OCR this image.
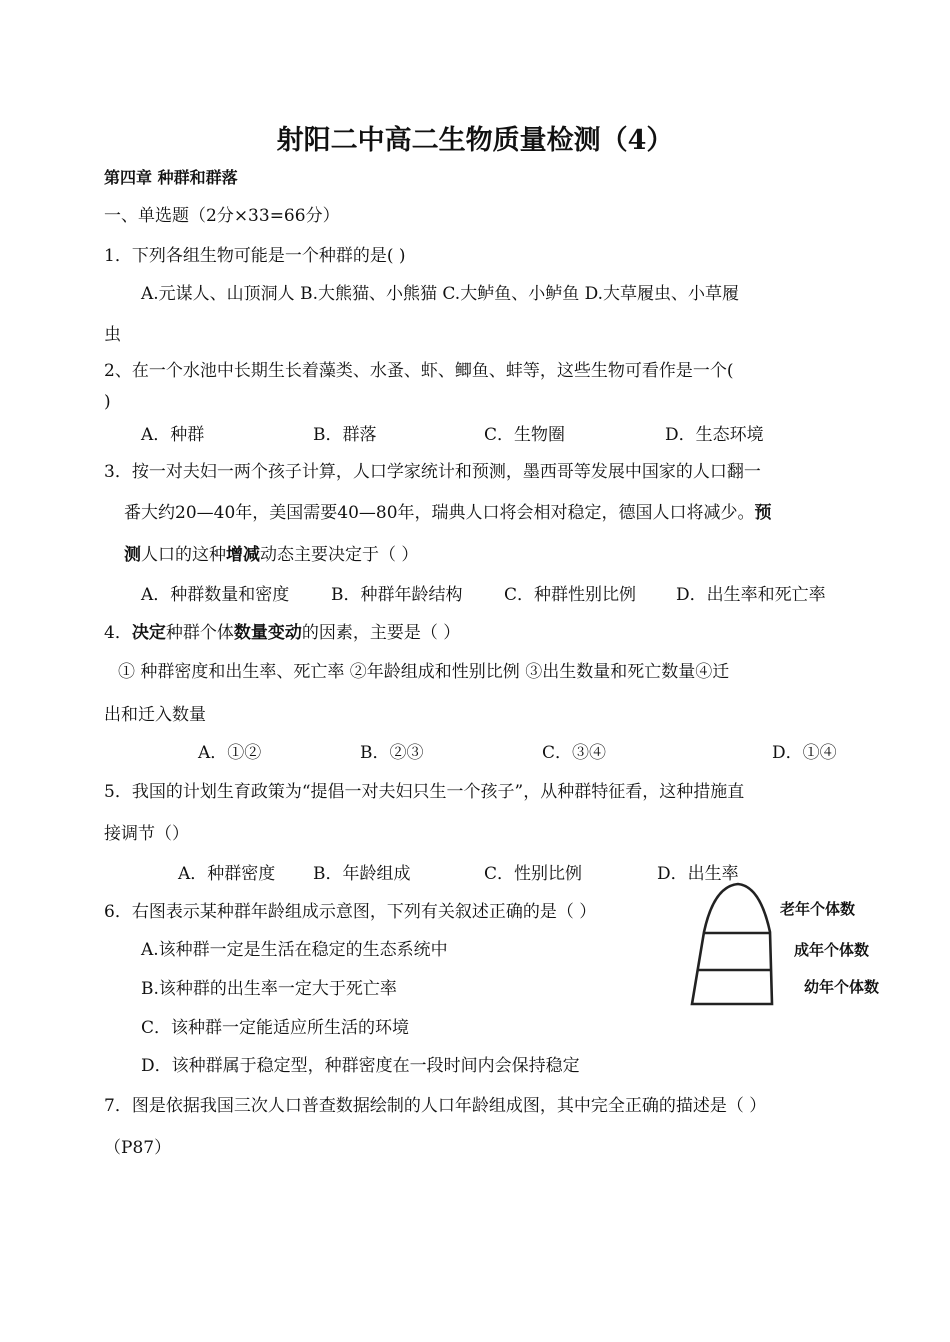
射阳二中高二生物质量检测（4）
第四章 种群和群落
一、单选题（2分×33=66分）
1．下列各组生物可能是一个种群的是( )
A.元谋人、山顶洞人 B.大熊猫、小熊猫 C.大鲈鱼、小鲈鱼 D.大草履虫、小草履
虫
2、在一个水池中长期生长着藻类、水蚤、虾、鲫鱼、蚌等，这些生物可看作是一个(
)
A．种群	B．群落	C．生物圈	D．生态环境
3．按一对夫妇一两个孩子计算，人口学家统计和预测，墨西哥等发展中国家的人口翻一
番大约20—40年，美国需要40—80年，瑞典人口将会相对稳定，德国人口将减少。预
测人口的这种增减动态主要决定于（ ）
A．种群数量和密度 B．种群年龄结构 C．种群性别比例 D．出生率和死亡率
4．决定种群个体数量变动的因素，主要是（ ）
① 种群密度和出生率、死亡率 ②年龄组成和性别比例 ③出生数量和死亡数量④迁
出和迁入数量
A．①②	B．②③	C．③④	D．①④
5．我国的计划生育政策为“提倡一对夫妇只生一个孩子”，从种群特征看，这种措施直
接调节（）
A．种群密度 B．年龄组成	C．性别比例	D．出生率
6．右图表示某种群年龄组成示意图，下列有关叙述正确的是（ ）
A.该种群一定是生活在稳定的生态系统中
B.该种群的出生率一定大于死亡率
C．该种群一定能适应所生活的环境
D．该种群属于稳定型，种群密度在一段时间内会保持稳定
老年个体数
成年个体数
幼年个体数
7．图是依据我国三次人口普查数据绘制的人口年龄组成图，其中完全正确的描述是（ ）
（P87）
